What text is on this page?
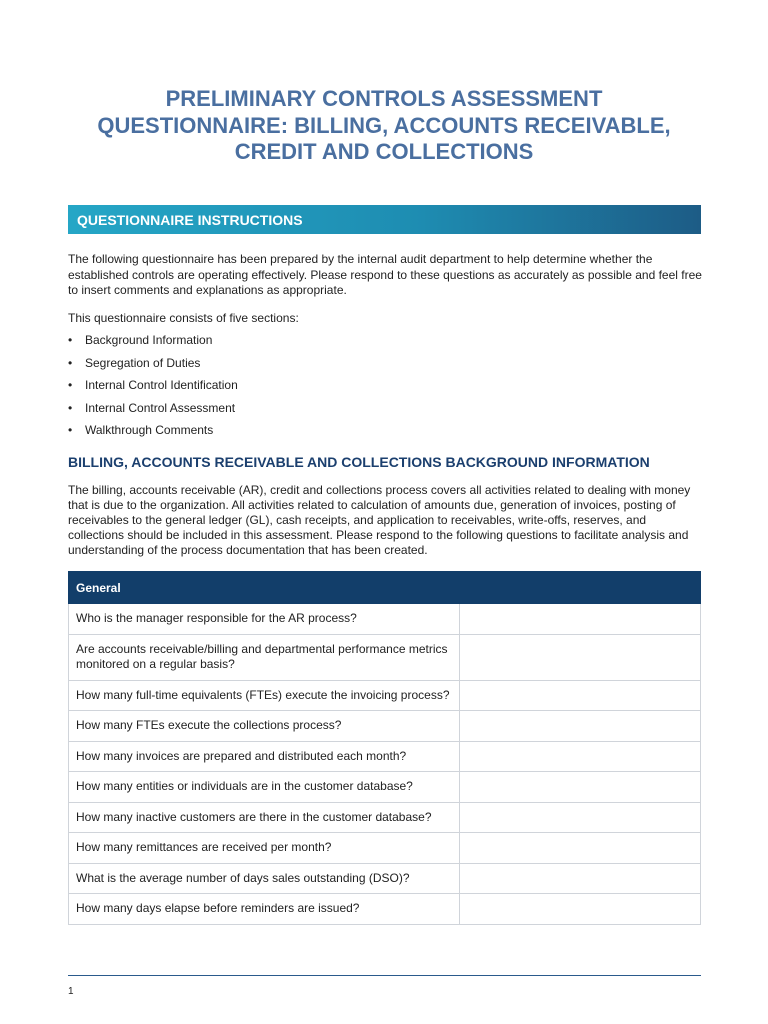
PRELIMINARY CONTROLS ASSESSMENT
QUESTIONNAIRE: BILLING, ACCOUNTS RECEIVABLE,
CREDIT AND COLLECTIONS
QUESTIONNAIRE INSTRUCTIONS

The following questionnaire has been prepared by the internal audit department to help determine whether the established controls are operating effectively. Please respond to these questions as accurately as possible and feel free to insert comments and explanations as appropriate.

This questionnaire consists of five sections:

• Background Information
• Segregation of Duties
• Internal Control Identification
• Internal Control Assessment
• Walkthrough Comments
BILLING, ACCOUNTS RECEIVABLE AND COLLECTIONS BACKGROUND INFORMATION

The billing, accounts receivable (AR), credit and collections process covers all activities related to dealing with money that is due to the organization. All activities related to calculation of amounts due, generation of invoices, posting of receivables to the general ledger (GL), cash receipts, and application to receivables, write-offs, reserves, and collections should be included in this assessment. Please respond to the following questions to facilitate analysis and understanding of the process documentation that has been created.

General	
Who is the manager responsible for the AR process?	
Are accounts receivable/billing and departmental performance metrics monitored on a regular basis?	
How many full-time equivalents (FTEs) execute the invoicing process?	
How many FTEs execute the collections process?	
How many invoices are prepared and distributed each month?	
How many entities or individuals are in the customer database?	
How many inactive customers are there in the customer database?	
How many remittances are received per month?	
What is the average number of days sales outstanding (DSO)?	
How many days elapse before reminders are issued?	
1
